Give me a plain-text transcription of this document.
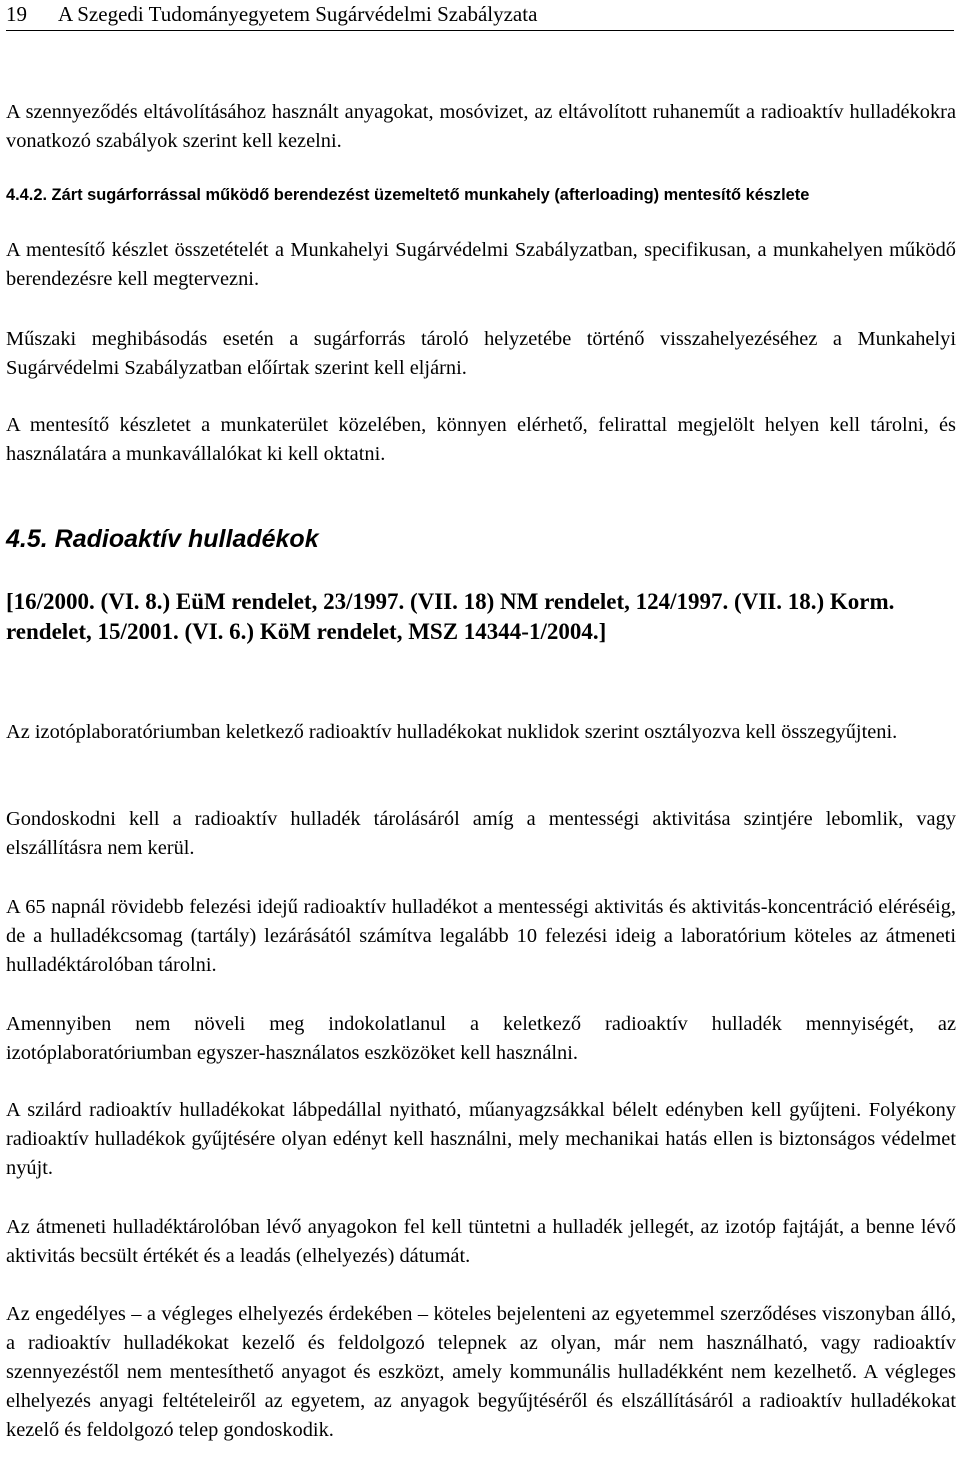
19 A Szegedi Tudományegyetem Sugárvédelmi Szabályzata

A szennyeződés eltávolításához használt anyagokat, mosóvizet, az eltávolított ruhaneműt a radioaktív hulladékokra vonatkozó szabályok szerint kell kezelni.

4.4.2. Zárt sugárforrással működő berendezést üzemeltető munkahely (afterloading) mentesítő készlete

A mentesítő készlet összetételét a Munkahelyi Sugárvédelmi Szabályzatban, specifikusan, a munkahelyen működő berendezésre kell megtervezni.

Műszaki meghibásodás esetén a sugárforrás tároló helyzetébe történő visszahelyezéséhez a Munkahelyi Sugárvédelmi Szabályzatban előírtak szerint kell eljárni.

A mentesítő készletet a munkaterület közelében, könnyen elérhető, felirattal megjelölt helyen kell tárolni, és használatára a munkavállalókat ki kell oktatni.

4.5. Radioaktív hulladékok
[16/2000. (VI. 8.) EüM rendelet, 23/1997. (VII. 18) NM rendelet, 124/1997. (VII. 18.) Korm. rendelet, 15/2001. (VI. 6.) KöM rendelet, MSZ 14344-1/2004.]

Az izotóplaboratóriumban keletkező radioaktív hulladékokat nuklidok szerint osztályozva kell összegyűjteni.

Gondoskodni kell a radioaktív hulladék tárolásáról amíg a mentességi aktivitása szintjére lebomlik, vagy elszállításra nem kerül.

A 65 napnál rövidebb felezési idejű radioaktív hulladékot a mentességi aktivitás és aktivitás-koncentráció eléréséig, de a hulladékcsomag (tartály) lezárásától számítva legalább 10 felezési ideig a laboratórium köteles az átmeneti hulladéktárolóban tárolni.

Amennyiben nem növeli meg indokolatlanul a keletkező radioaktív hulladék mennyiségét, az izotóplaboratóriumban egyszer-használatos eszközöket kell használni.

A szilárd radioaktív hulladékokat lábpedállal nyitható, műanyagzsákkal bélelt edényben kell gyűjteni. Folyékony radioaktív hulladékok gyűjtésére olyan edényt kell használni, mely mechanikai hatás ellen is biztonságos védelmet nyújt.

Az átmeneti hulladéktárolóban lévő anyagokon fel kell tüntetni a hulladék jellegét, az izotóp fajtáját, a benne lévő aktivitás becsült értékét és a leadás (elhelyezés) dátumát.

Az engedélyes – a végleges elhelyezés érdekében – köteles bejelenteni az egyetemmel szerződéses viszonyban álló, a radioaktív hulladékokat kezelő és feldolgozó telepnek az olyan, már nem használható, vagy radioaktív szennyezéstől nem mentesíthető anyagot és eszközt, amely kommunális hulladékként nem kezelhető. A végleges elhelyezés anyagi feltételeiről az egyetem, az anyagok begyűjtéséről és elszállításáról a radioaktív hulladékokat kezelő és feldolgozó telep gondoskodik.
